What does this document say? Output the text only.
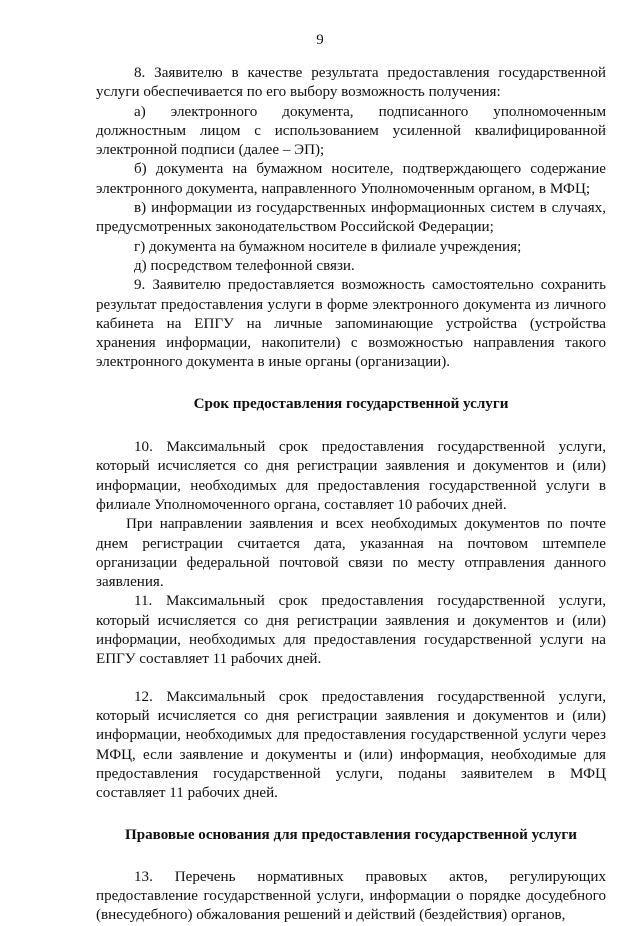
9

8. Заявителю в качестве результата предоставления государственной услуги обеспечивается по его выбору возможность получения:

а) электронного документа, подписанного уполномоченным должностным лицом с использованием усиленной квалифицированной электронной подписи (далее – ЭП);

б) документа на бумажном носителе, подтверждающего содержание электронного документа, направленного Уполномоченным органом, в МФЦ;

в) информации из государственных информационных систем в случаях, предусмотренных законодательством Российской Федерации;

г) документа на бумажном носителе в филиале учреждения;

д) посредством телефонной связи.

9. Заявителю предоставляется возможность самостоятельно сохранить результат предоставления услуги в форме электронного документа из личного кабинета на ЕПГУ на личные запоминающие устройства (устройства хранения информации, накопители) с возможностью направления такого электронного документа в иные органы (организации).

Срок предоставления государственной услуги

10. Максимальный срок предоставления государственной услуги, который исчисляется со дня регистрации заявления и документов и (или) информации, необходимых для предоставления государственной услуги в филиале Уполномоченного органа, составляет 10 рабочих дней.

При направлении заявления и всех необходимых документов по почте днем регистрации считается дата, указанная на почтовом штемпеле организации федеральной почтовой связи по месту отправления данного заявления.

11. Максимальный срок предоставления государственной услуги, который исчисляется со дня регистрации заявления и документов и (или) информации, необходимых для предоставления государственной услуги на ЕПГУ составляет 11 рабочих дней.

12. Максимальный срок предоставления государственной услуги, который исчисляется со дня регистрации заявления и документов и (или) информации, необходимых для предоставления государственной услуги через МФЦ, если заявление и документы и (или) информация, необходимые для предоставления государственной услуги, поданы заявителем в МФЦ составляет 11 рабочих дней.

Правовые основания для предоставления государственной услуги

13. Перечень нормативных правовых актов, регулирующих предоставление государственной услуги, информации о порядке досудебного (внесудебного) обжалования решений и действий (бездействия) органов,
